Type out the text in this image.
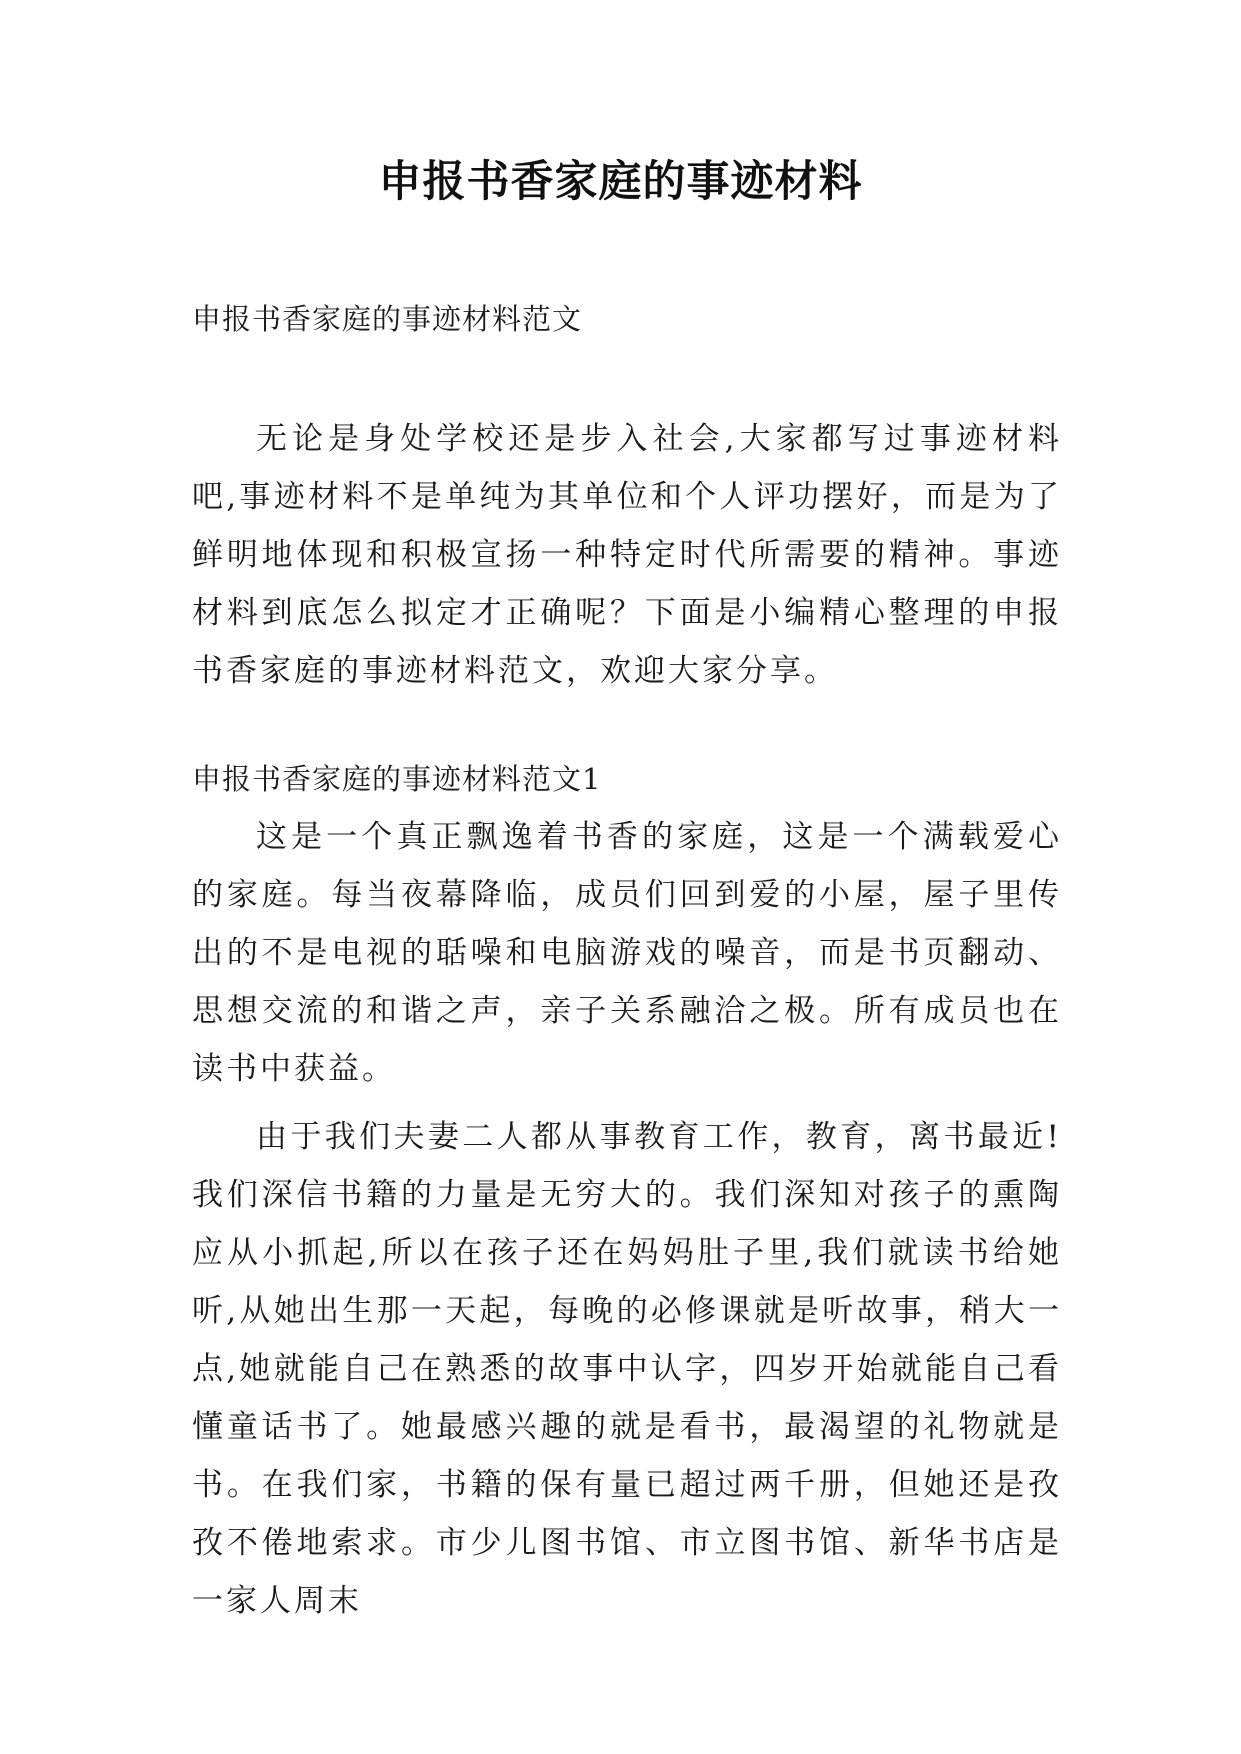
申报书香家庭的事迹材料
申报书香家庭的事迹材料范文

无论是身处学校还是步入社会,大家都写过事迹材料吧,事迹材料不是单纯为其单位和个人评功摆好，而是为了鲜明地体现和积极宣扬一种特定时代所需要的精神。事迹材料到底怎么拟定才正确呢？下面是小编精心整理的申报书香家庭的事迹材料范文，欢迎大家分享。

申报书香家庭的事迹材料范文1

这是一个真正飘逸着书香的家庭，这是一个满载爱心的家庭。每当夜幕降临，成员们回到爱的小屋，屋子里传出的不是电视的聒噪和电脑游戏的噪音，而是书页翻动、思想交流的和谐之声，亲子关系融洽之极。所有成员也在读书中获益。

由于我们夫妻二人都从事教育工作，教育，离书最近!我们深信书籍的力量是无穷大的。我们深知对孩子的熏陶应从小抓起,所以在孩子还在妈妈肚子里,我们就读书给她听,从她出生那一天起，每晚的必修课就是听故事，稍大一点,她就能自己在熟悉的故事中认字，四岁开始就能自己看懂童话书了。她最感兴趣的就是看书，最渴望的礼物就是书。在我们家，书籍的保有量已超过两千册，但她还是孜孜不倦地索求。市少儿图书馆、市立图书馆、新华书店是一家人周末
